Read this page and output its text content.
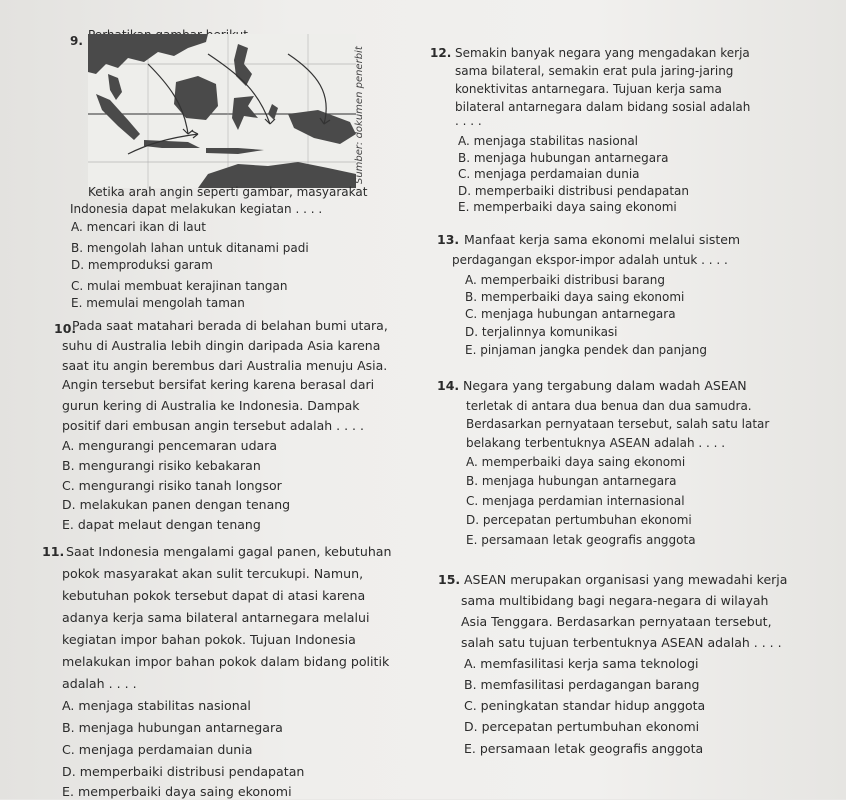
9.
Sumber: dokumen penerbit
Ketika arah angin seperti gambar, masyarakat
Indonesia dapat melakukan kegiatan . . . .
A. mencari ikan di laut
B. mengolah lahan untuk ditanami padi
D. memproduksi garam
C. mulai membuat kerajinan tangan
E. memulai mengolah taman
10.
Pada saat matahari berada di belahan bumi utara,
suhu di Australia lebih dingin daripada Asia karena
saat itu angin berembus dari Australia menuju Asia.
Angin tersebut bersifat kering karena berasal dari
gurun kering di Australia ke Indonesia. Dampak
positif dari embusan angin tersebut adalah . . . .
A. mengurangi pencemaran udara
B. mengurangi risiko kebakaran
C. mengurangi risiko tanah longsor
D. melakukan panen dengan tenang
E. dapat melaut dengan tenang
11. Saat Indonesia mengalami gagal panen, kebutuhan
pokok masyarakat akan sulit tercukupi. Namun,
kebutuhan pokok tersebut dapat di atasi karena
adanya kerja sama bilateral antarnegara melalui
kegiatan impor bahan pokok. Tujuan Indonesia
melakukan impor bahan pokok dalam bidang politik
adalah . . . .
A. menjaga stabilitas nasional
B. menjaga hubungan antarnegara
C. menjaga perdamaian dunia
D. memperbaiki distribusi pendapatan
E. memperbaiki daya saing ekonomi
12. Semakin banyak negara yang mengadakan kerja
sama bilateral, semakin erat pula jaring-jaring
konektivitas antarnegara. Tujuan kerja sama
bilateral antarnegara dalam bidang sosial adalah
. . . .
A. menjaga stabilitas nasional
B. menjaga hubungan antarnegara
C. menjaga perdamaian dunia
D. memperbaiki distribusi pendapatan
E. memperbaiki daya saing ekonomi
13. Manfaat kerja sama ekonomi melalui sistem
perdagangan ekspor-impor adalah untuk . . . .
A. memperbaiki distribusi barang
B. memperbaiki daya saing ekonomi
C. menjaga hubungan antarnegara
D. terjalinnya komunikasi
E. pinjaman jangka pendek dan panjang
14. Negara yang tergabung dalam wadah ASEAN
terletak di antara dua benua dan dua samudra.
Berdasarkan pernyataan tersebut, salah satu latar
belakang terbentuknya ASEAN adalah . . . .
A. memperbaiki daya saing ekonomi
B. menjaga hubungan antarnegara
C. menjaga perdamian internasional
D. percepatan pertumbuhan ekonomi
E. persamaan letak geografis anggota
15. ASEAN merupakan organisasi yang mewadahi kerja
sama multibidang bagi negara-negara di wilayah
Asia Tenggara. Berdasarkan pernyataan tersebut,
salah satu tujuan terbentuknya ASEAN adalah . . . .
A. memfasilitasi kerja sama teknologi
B. memfasilitasi perdagangan barang
C. peningkatan standar hidup anggota
D. percepatan pertumbuhan ekonomi
E. persamaan letak geografis anggota
